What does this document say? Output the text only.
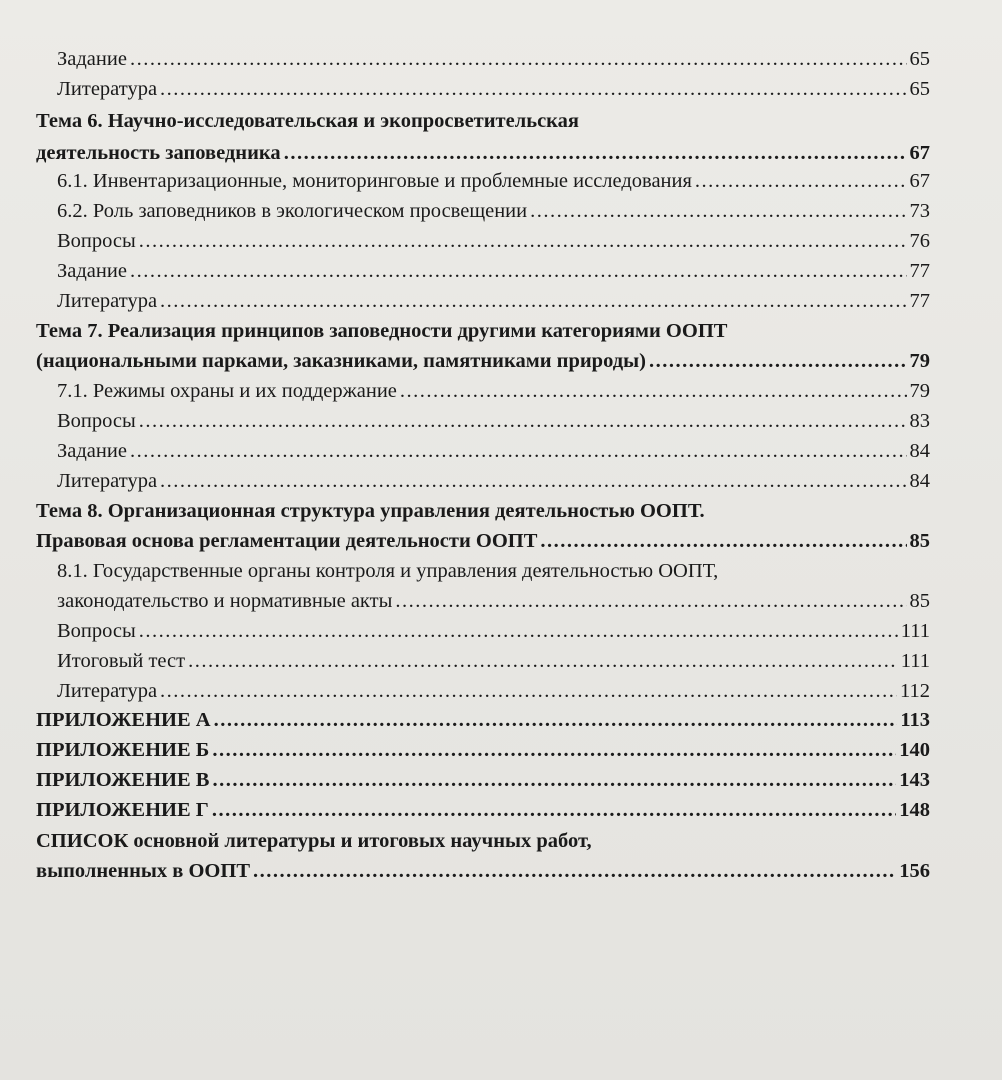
Задание .....	65
Литература .....	65
Тема 6. Научно-исследовательская и экопросветительская
деятельность заповедника .....	67
6.1. Инвентаризационные, мониторинговые и проблемные исследования .....	67
6.2. Роль заповедников в экологическом просвещении .....	73
Вопросы .....	76
Задание .....	77
Литература .....	77
Тема 7. Реализация принципов заповедности другими категориями ООПТ
(национальными парками, заказниками, памятниками природы) .....	79
7.1. Режимы охраны и их поддержание .....	79
Вопросы .....	83
Задание .....	84
Литература .....	84
Тема 8. Организационная структура управления деятельностью ООПТ.
Правовая основа регламентации деятельности ООПТ .....	85
8.1. Государственные органы контроля и управления деятельностью ООПТ,
законодательство и нормативные акты .....	85
Вопросы .....	111
Итоговый тест .....	111
Литература .....	112
ПРИЛОЖЕНИЕ А .....	113
ПРИЛОЖЕНИЕ Б .....	140
ПРИЛОЖЕНИЕ В .....	143
ПРИЛОЖЕНИЕ Г .....	148
СПИСОК основной литературы и итоговых научных работ,
выполненных в ООПТ .....	156
